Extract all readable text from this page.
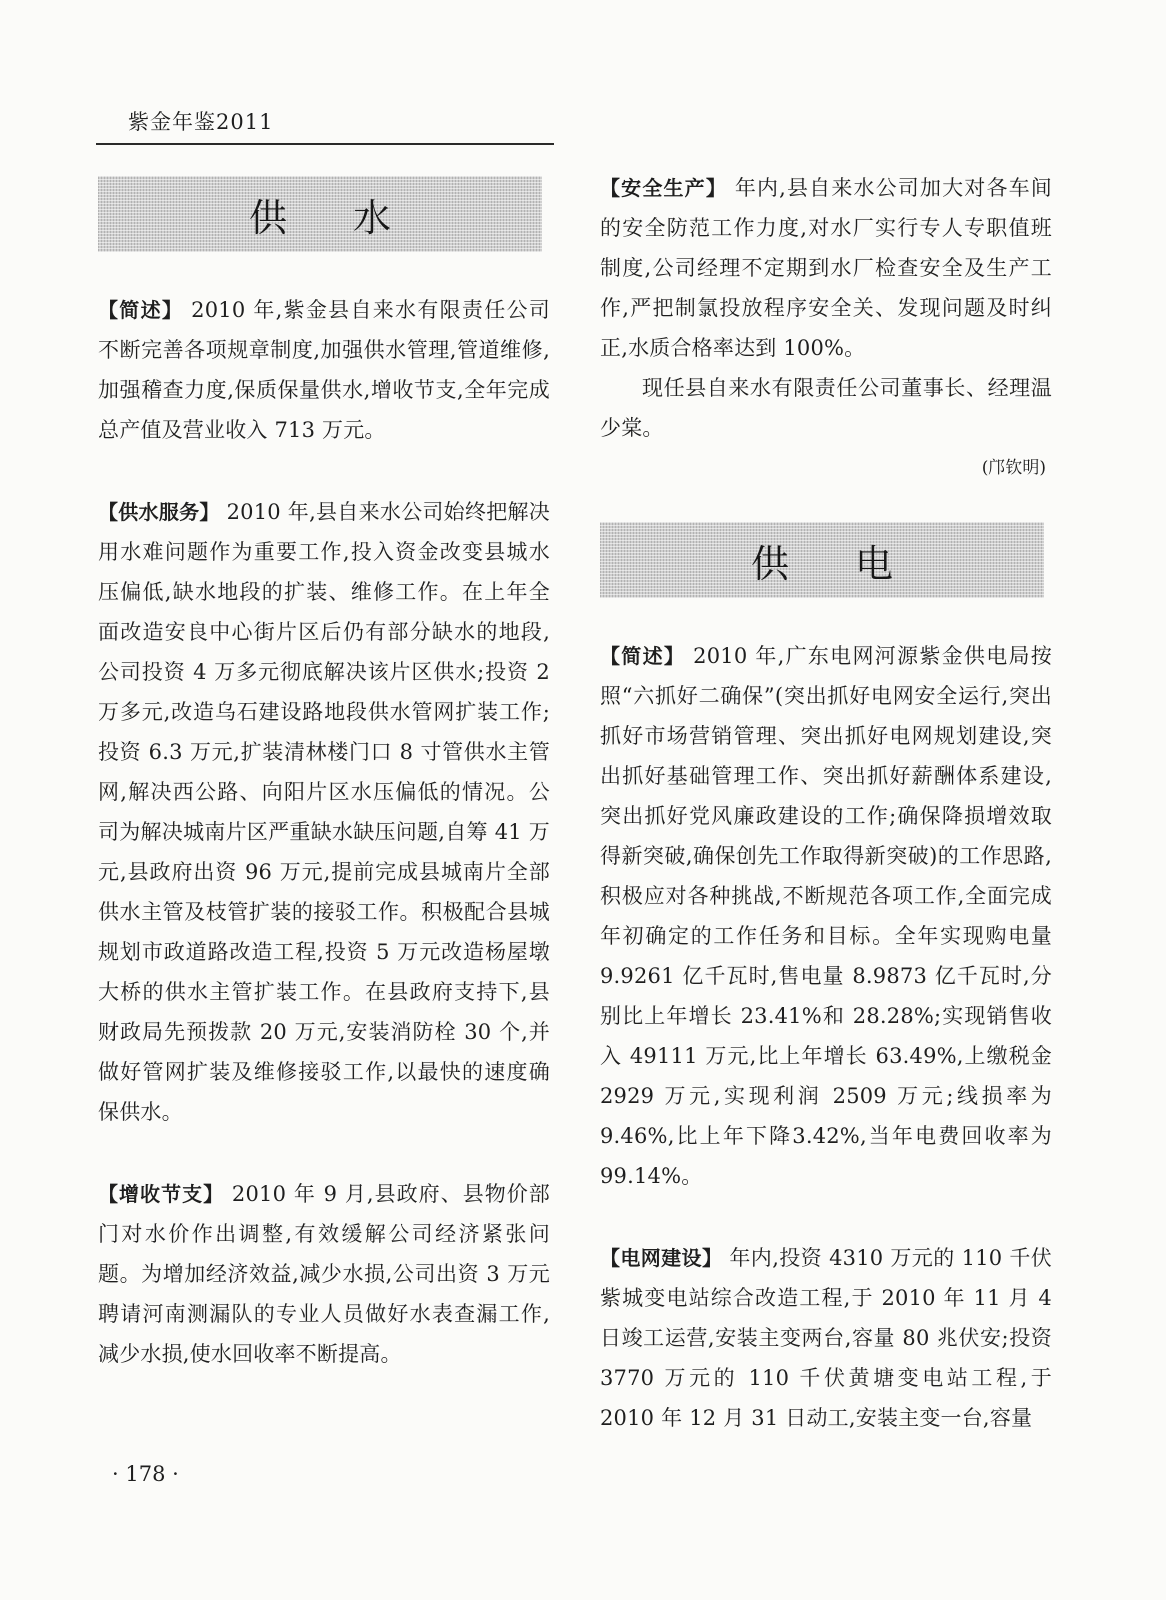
紫金年鉴2011
供水

【简述】 2010 年,紫金县自来水有限责任公司不断完善各项规章制度,加强供水管理,管道维修,加强稽查力度,保质保量供水,增收节支,全年完成总产值及营业收入 713 万元。

【供水服务】 2010 年,县自来水公司始终把解决用水难问题作为重要工作,投入资金改变县城水压偏低,缺水地段的扩装、维修工作。在上年全面改造安良中心街片区后仍有部分缺水的地段,公司投资 4 万多元彻底解决该片区供水;投资 2 万多元,改造乌石建设路地段供水管网扩装工作;投资 6.3 万元,扩装清林楼门口 8 寸管供水主管网,解决西公路、向阳片区水压偏低的情况。公司为解决城南片区严重缺水缺压问题,自筹 41 万元,县政府出资 96 万元,提前完成县城南片全部供水主管及枝管扩装的接驳工作。积极配合县城规划市政道路改造工程,投资 5 万元改造杨屋墩大桥的供水主管扩装工作。在县政府支持下,县财政局先预拨款 20 万元,安装消防栓 30 个,并做好管网扩装及维修接驳工作,以最快的速度确保供水。

【增收节支】 2010 年 9 月,县政府、县物价部门对水价作出调整,有效缓解公司经济紧张问题。为增加经济效益,减少水损,公司出资 3 万元聘请河南测漏队的专业人员做好水表查漏工作,减少水损,使水回收率不断提高。

【安全生产】 年内,县自来水公司加大对各车间的安全防范工作力度,对水厂实行专人专职值班制度,公司经理不定期到水厂检查安全及生产工作,严把制氯投放程序安全关、发现问题及时纠正,水质合格率达到 100%。

现任县自来水有限责任公司董事长、经理温少棠。

(邝钦明)
供电

【简述】 2010 年,广东电网河源紫金供电局按照“六抓好二确保”(突出抓好电网安全运行,突出抓好市场营销管理、突出抓好电网规划建设,突出抓好基础管理工作、突出抓好薪酬体系建设,突出抓好党风廉政建设的工作;确保降损增效取得新突破,确保创先工作取得新突破)的工作思路,积极应对各种挑战,不断规范各项工作,全面完成年初确定的工作任务和目标。全年实现购电量 9.9261 亿千瓦时,售电量 8.9873 亿千瓦时,分别比上年增长 23.41%和 28.28%;实现销售收入 49111 万元,比上年增长 63.49%,上缴税金 2929 万元,实现利润 2509 万元;线损率为 9.46%,比上年下降3.42%,当年电费回收率为 99.14%。

【电网建设】 年内,投资 4310 万元的 110 千伏紫城变电站综合改造工程,于 2010 年 11 月 4 日竣工运营,安装主变两台,容量 80 兆伏安;投资 3770 万元的 110 千伏黄塘变电站工程,于 2010 年 12 月 31 日动工,安装主变一台,容量

· 178 ·
